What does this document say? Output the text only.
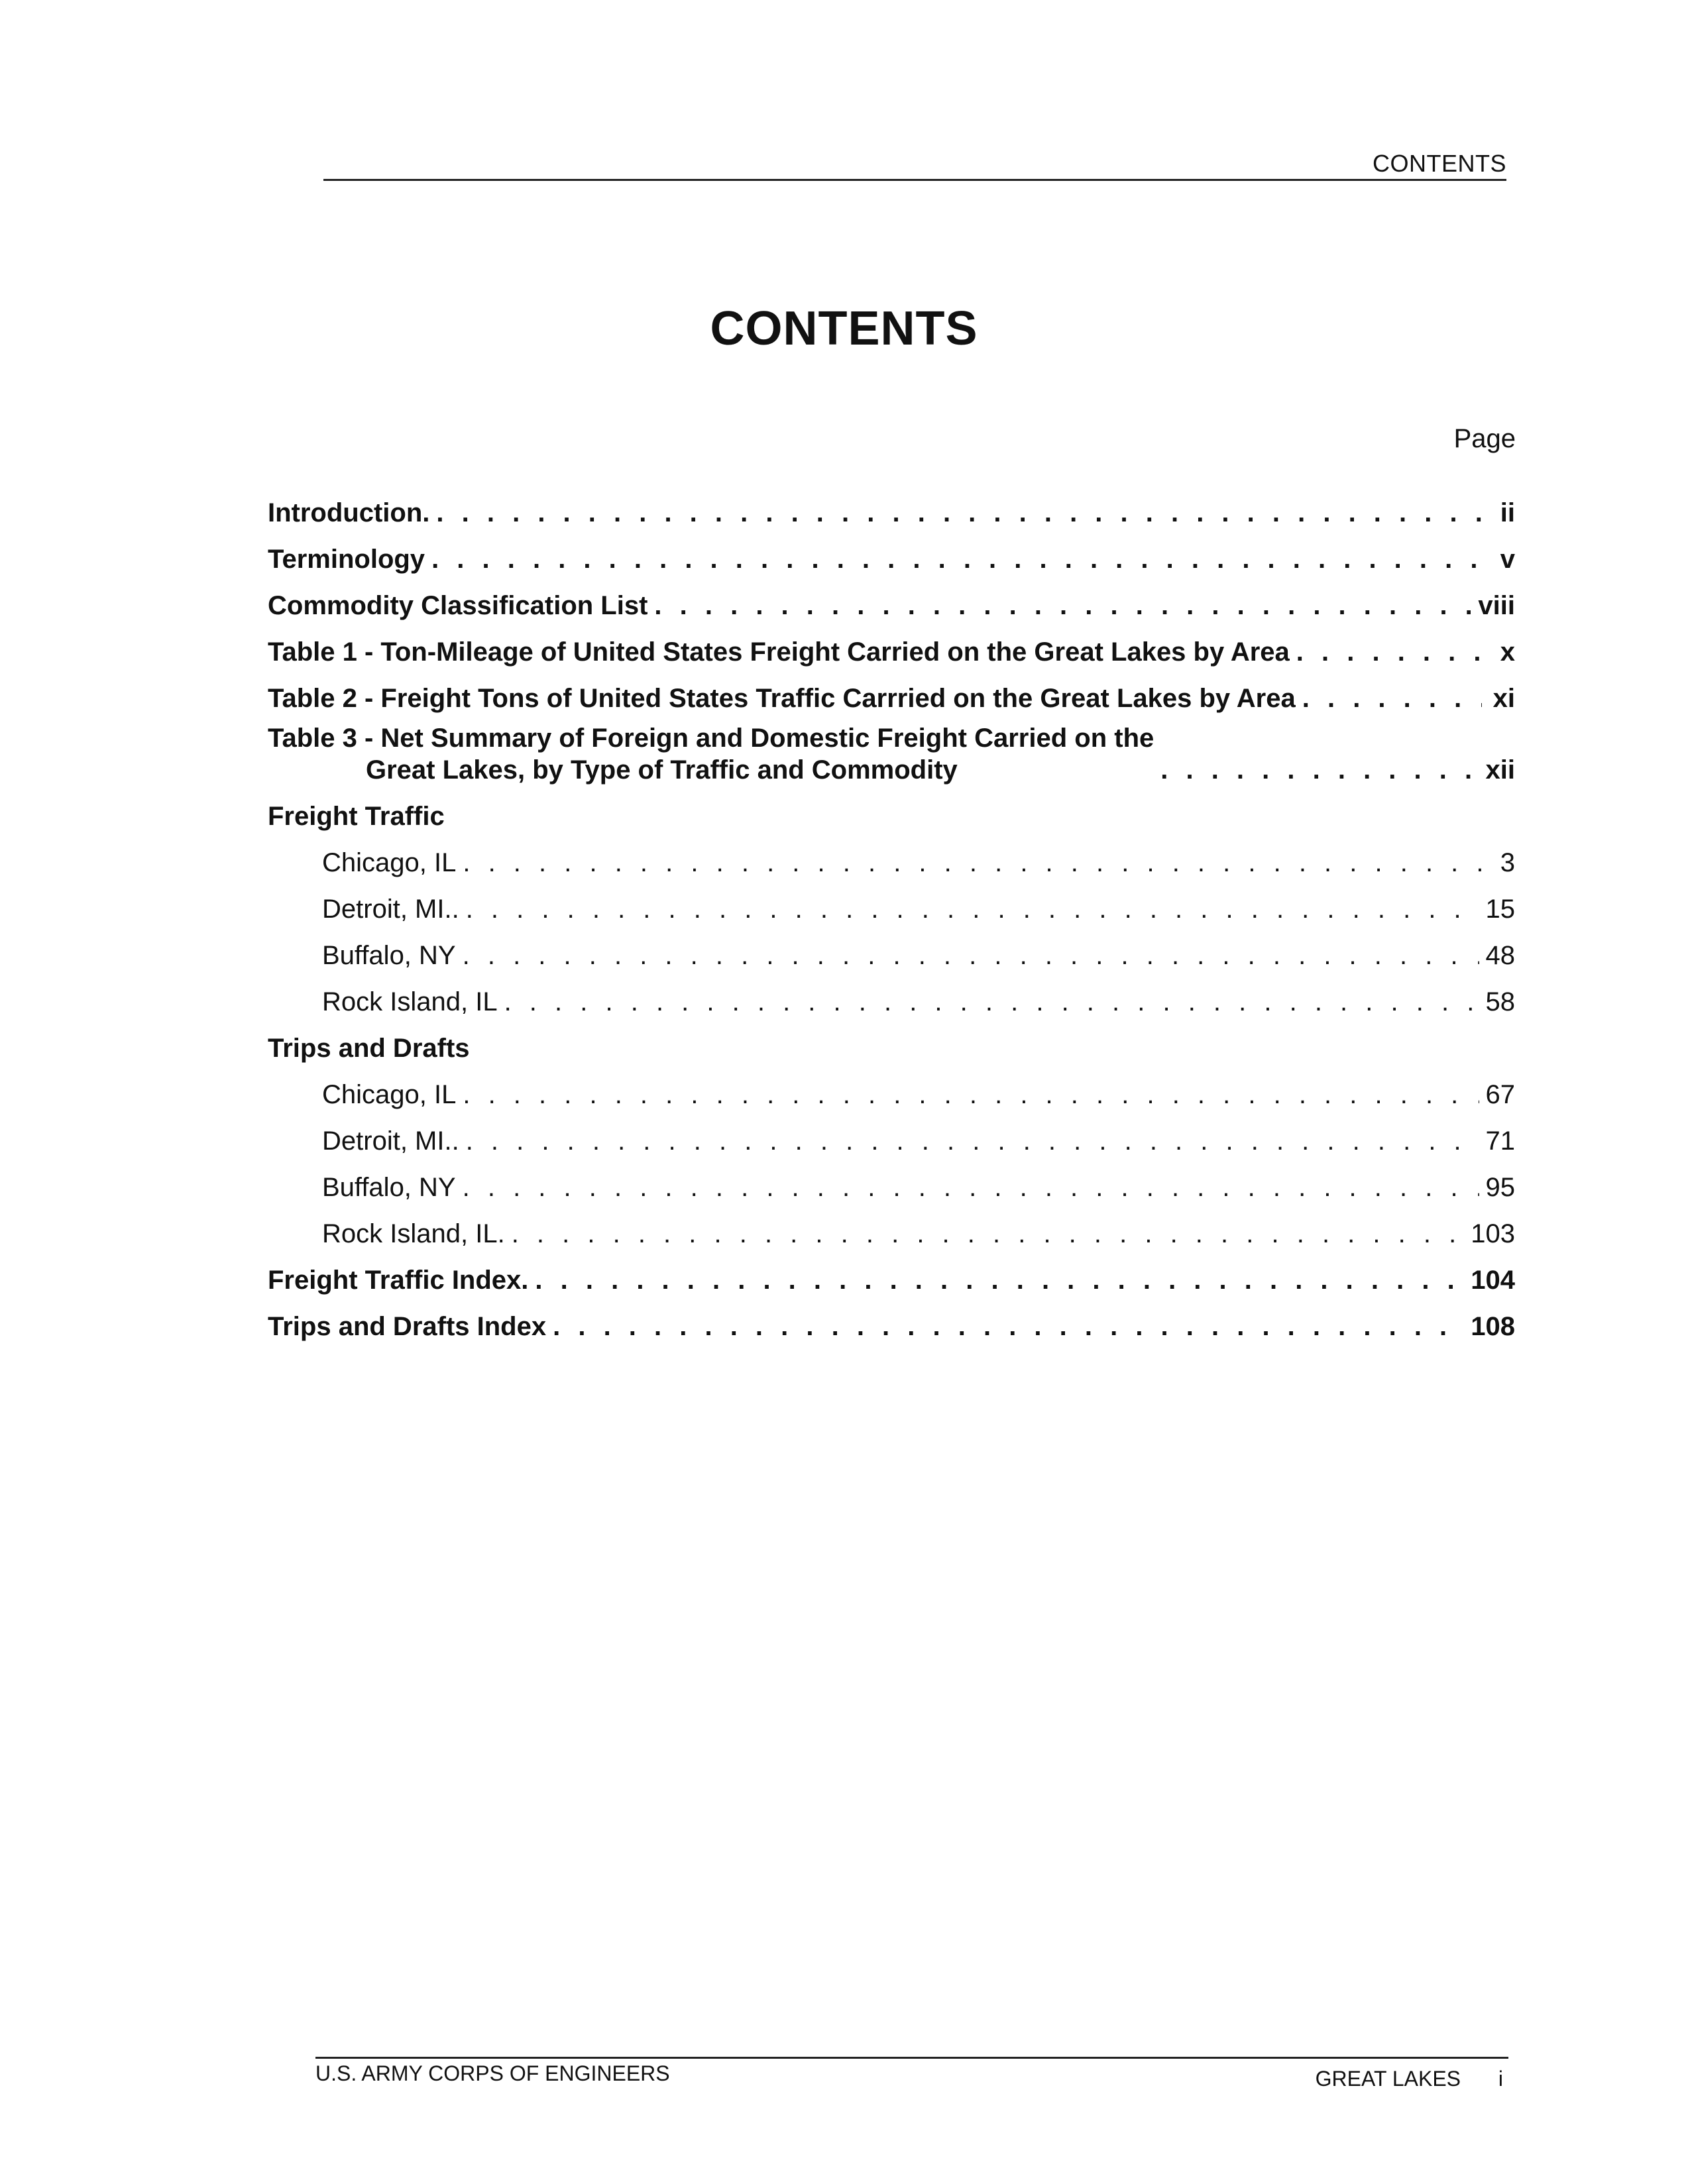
CONTENTS
CONTENTS
Page
Introduction. . . .	ii
Terminology . . .	v
Commodity Classification List . . .	viii
Table 1 - Ton-Mileage of United States Freight Carried on the Great Lakes by Area . . .	x
Table 2 - Freight Tons of United States Traffic Carrried on the Great Lakes by Area . . .	xi
Table 3 - Net Summary of Foreign and Domestic Freight Carried on the
Great Lakes, by Type of Traffic and Commodity . . .	xii
Freight Traffic
Chicago, IL . . .	3
Detroit, MI.. . . .	15
Buffalo, NY . . .	48
Rock Island, IL . . .	58
Trips and Drafts
Chicago, IL . . .	67
Detroit, MI.. . . .	71
Buffalo, NY . . .	95
Rock Island, IL. . . .	103
Freight Traffic Index. . . .	104
Trips and Drafts Index . . .	108
U.S. ARMY CORPS OF ENGINEERS	GREAT LAKES i
